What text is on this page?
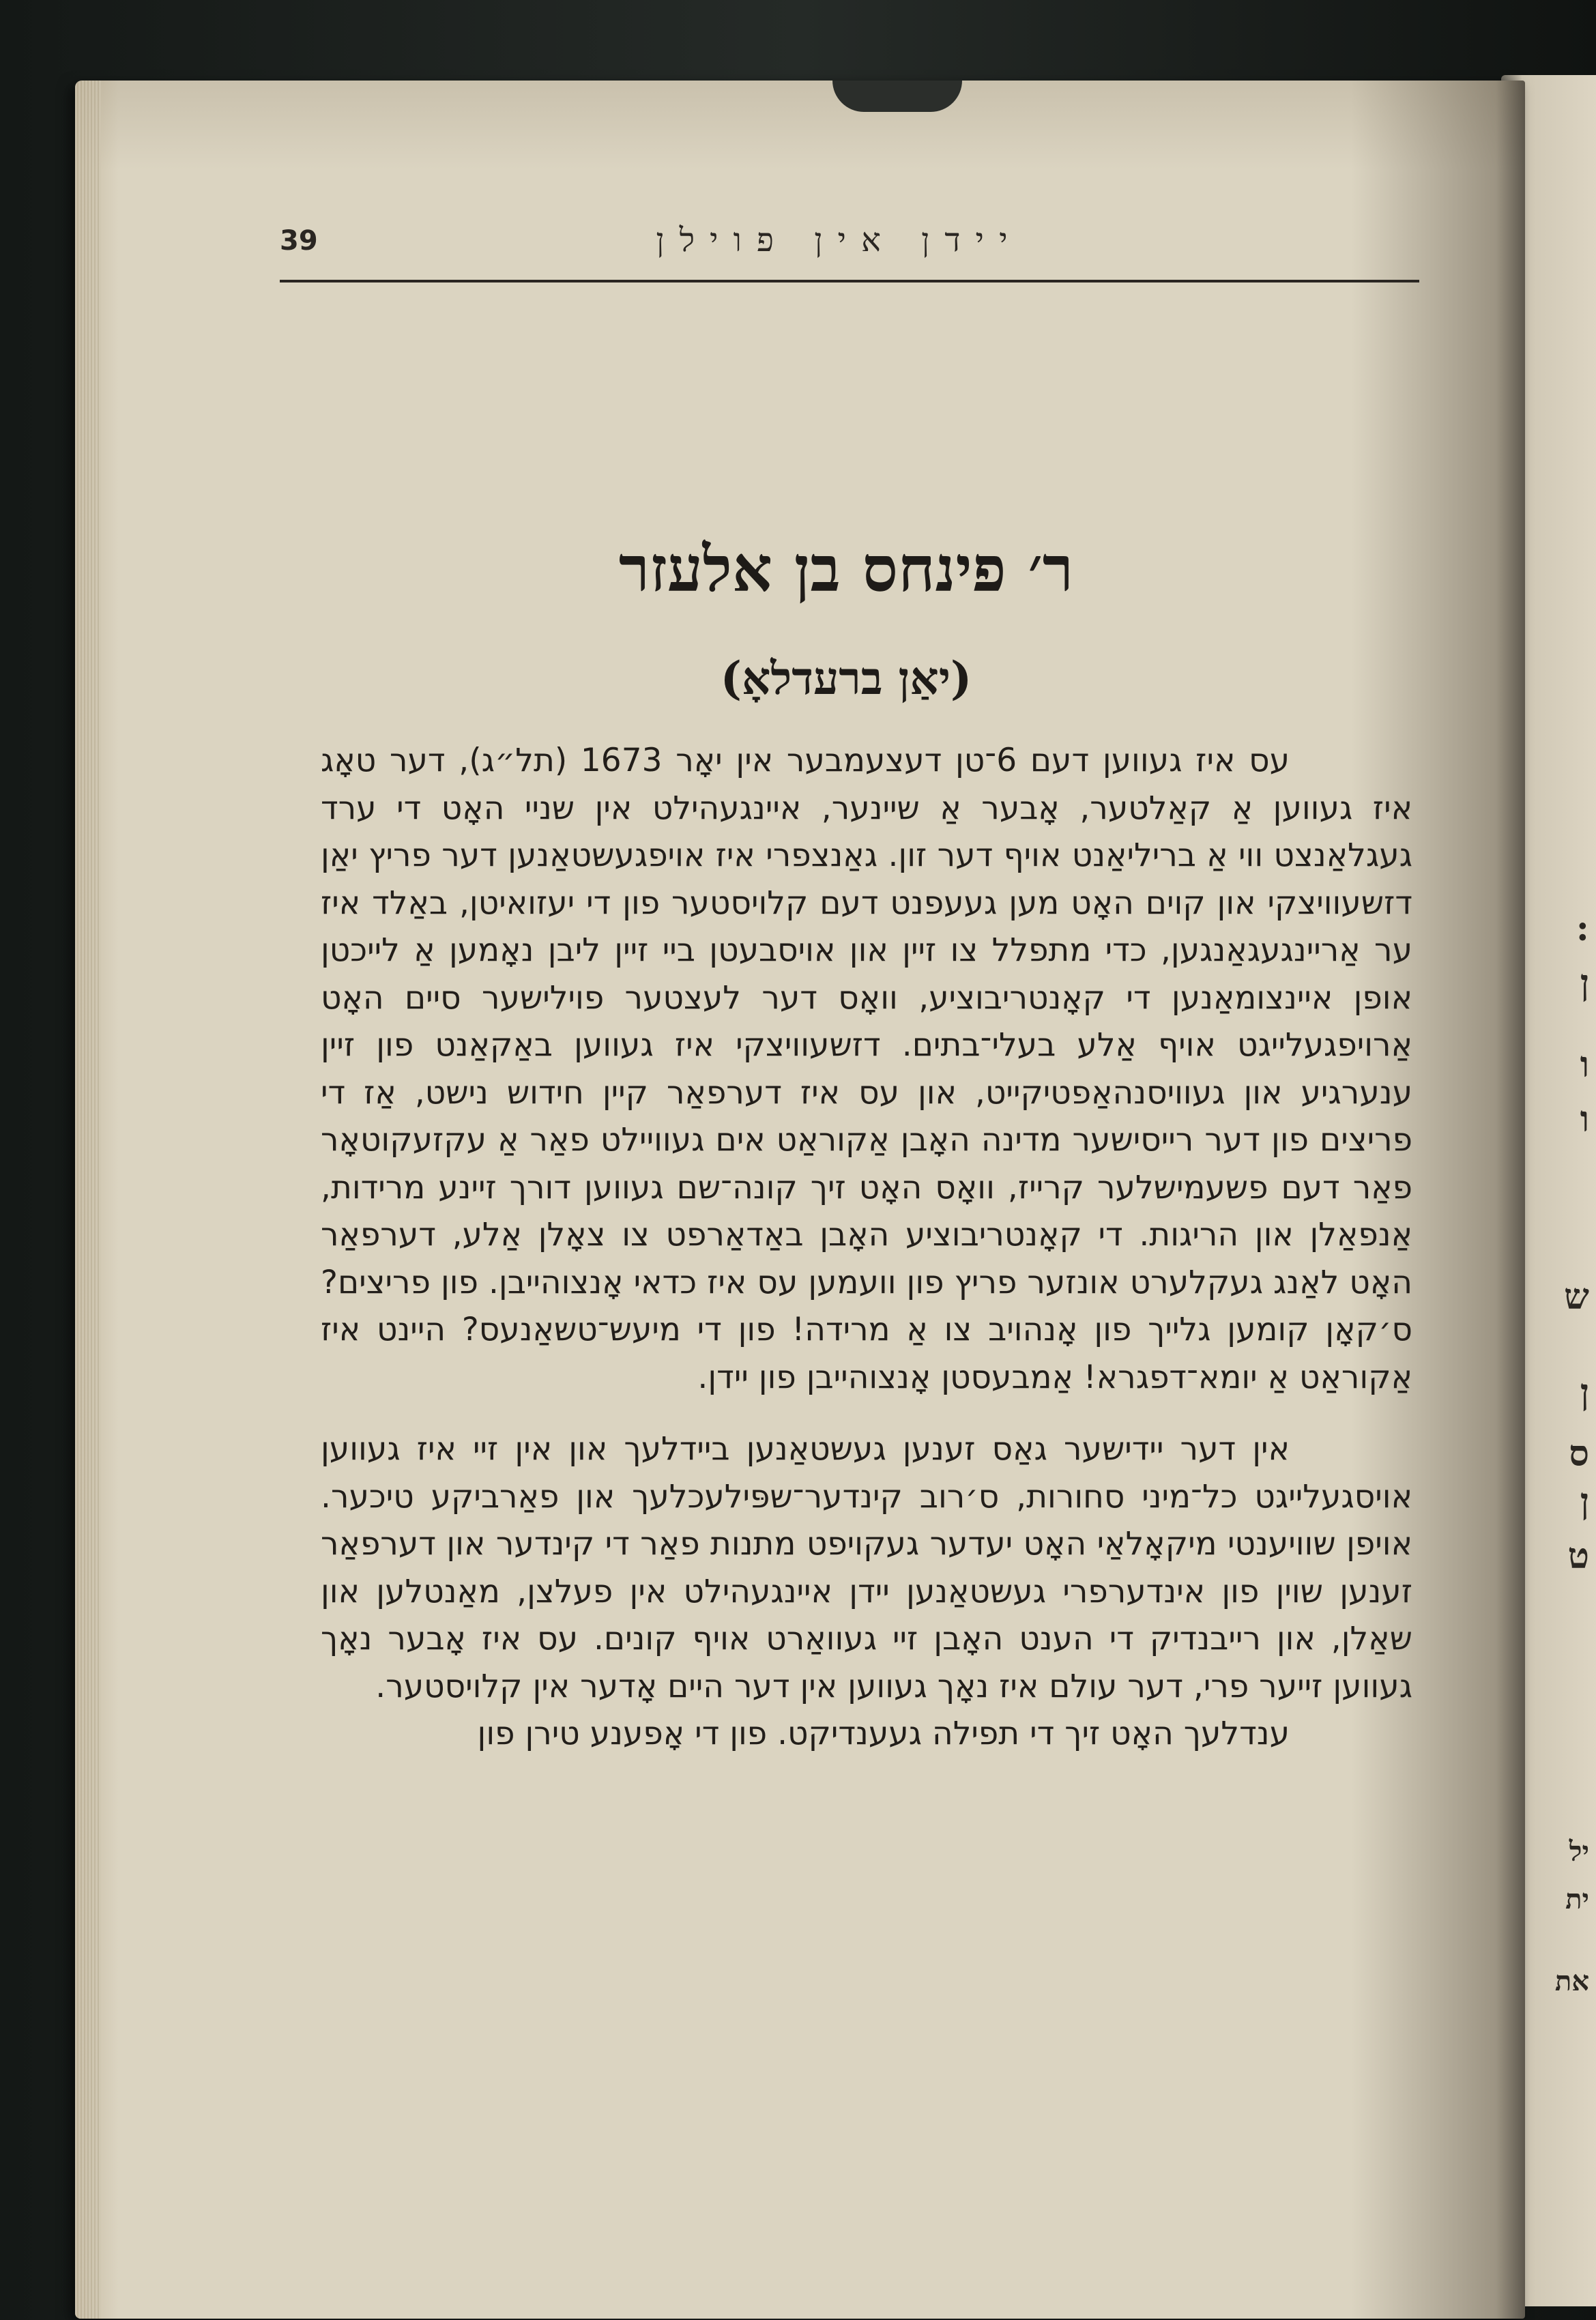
:
ן
ו
ו
ש
ן
ס
ן
ט
יל
ית
את
39	יידן אין פוילן
ר׳ פינחס בן אלעזר
(יאַן ברעדלאָ)

עס איז געווען דעם 6־טן דעצעמבער אין יאָר 1673 (תל״ג), דער טאָג איז געווען אַ קאַלטער, אָבער אַ שיינער, איינגעהילט אין שניי האָט די ערד געגלאַנצט ווי אַ בריליאַנט אויף דער זון. גאַנצפרי איז אויפגעשטאַנען דער פריץ יאַן דזשעוויצקי און קוים האָט מען געעפנט דעם קלויסטער פון די יעזואיטן, באַלד איז ער אַריינגעגאַנגען, כדי מתפלל צו זיין און אויסבעטן ביי זיין ליבן נאָמען אַ לייכטן אופן איינצומאַנען די קאָנטריבוציע, וואָס דער לעצטער פוילישער סיים האָט אַרויפגעלייגט אויף אַלע בעלי־בתים. דזשעוויצקי איז געווען באַקאַנט פון זיין ענערגיע און געוויסנהאַפטיקייט, און עס איז דערפאַר קיין חידוש נישט, אַז די פריצים פון דער רייסישער מדינה האָבן אַקוראַט אים געוויילט פאַר אַ עקזעקוטאָר פאַר דעם פשעמישלער קרייז, וואָס האָט זיך קונה־שם געווען דורך זיינע מרידות, אַנפאַלן און הריגות. די קאָנטריבוציע האָבן באַדאַרפט צו צאָלן אַלע, דערפאַר האָט לאַנג געקלערט אונזער פריץ פון וועמען עס איז כדאי אָנצוהייבן. פון פריצים? ס׳קאָן קומען גלייך פון אָנהויב צו אַ מרידה! פון די מיעש־טשאַנעס? היינט איז אַקוראַט אַ יומא־דפגרא! אַמבעסטן אָנצוהייבן פון יידן.

אין דער יידישער גאַס זענען געשטאַנען ביידלעך און אין זיי איז געווען אויסגעלייגט כל־מיני סחורות, ס׳רוב קינדער־שפּילעכלעך און פאַרביקע טיכער. אויפן שוויענטי מיקאָלאַי האָט יעדער געקויפט מתנות פאַר די קינדער און דערפאַר זענען שוין פון אינדערפרי געשטאַנען יידן איינגעהילט אין פעלצן, מאַנטלען און שאַלן, און רייבנדיק די הענט האָבן זיי געוואַרט אויף קונים. עס איז אָבער נאָך געווען זייער פרי, דער עולם איז נאָך געווען אין דער היים אָדער אין קלויסטער.

ענדלעך האָט זיך די תפילה געענדיקט. פון די אָפענע טירן פון
